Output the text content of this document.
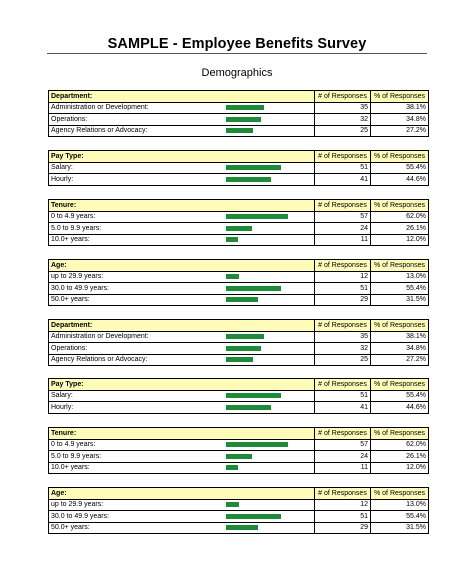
SAMPLE - Employee Benefits Survey
Demographics
Department:		# of Responses	% of Responses
Administration or Development:		35	38.1%
Operations:		32	34.8%
Agency Relations or Advocacy:		25	27.2%
Pay Type:		# of Responses	% of Responses
Salary:		51	55.4%
Hourly:		41	44.6%
Tenure:		# of Responses	% of Responses
0 to 4.9 years:		57	62.0%
5.0 to 9.9 years:		24	26.1%
10.0+ years:		11	12.0%
Age:		# of Responses	% of Responses
up to 29.9 years:		12	13.0%
30.0 to 49.9 years:		51	55.4%
50.0+ years:		29	31.5%
Department:		# of Responses	% of Responses
Administration or Development:		35	38.1%
Operations:		32	34.8%
Agency Relations or Advocacy:		25	27.2%
Pay Type:		# of Responses	% of Responses
Salary:		51	55.4%
Hourly:		41	44.6%
Tenure:		# of Responses	% of Responses
0 to 4.9 years:		57	62.0%
5.0 to 9.9 years:		24	26.1%
10.0+ years:		11	12.0%
Age:		# of Responses	% of Responses
up to 29.9 years:		12	13.0%
30.0 to 49.9 years:		51	55.4%
50.0+ years:		29	31.5%
